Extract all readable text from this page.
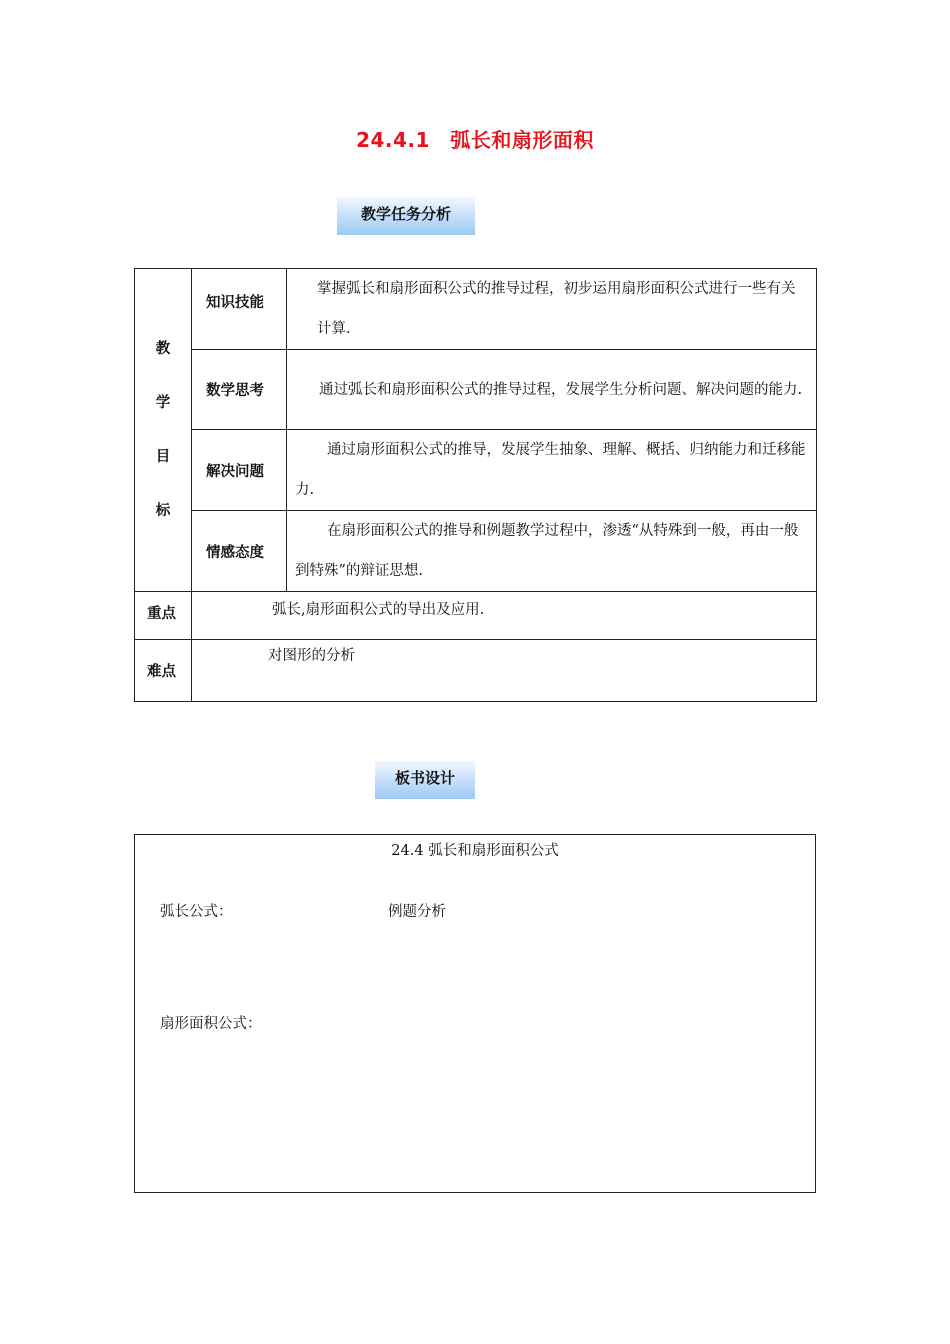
24.4.1　弧长和扇形面积
教学任务分析
教
学
目
标	知识技能	掌握弧长和扇形面积公式的推导过程，初步运用扇形面积公式进行一些有关计算.

	数学思考	通过弧长和扇形面积公式的推导过程，发展学生分析问题、解决问题的能力.

	解决问题	通过扇形面积公式的推导，发展学生抽象、理解、概括、归纳能力和迁移能力.

	情感态度	在扇形面积公式的推导和例题教学过程中，渗透“从特殊到一般，再由一般到特殊”的辩证思想.

重点	弧长,扇形面积公式的导出及应用.	
难点	对图形的分析	
板书设计
24.4 弧长和扇形面积公式
弧长公式：	例题分析
扇形面积公式：
